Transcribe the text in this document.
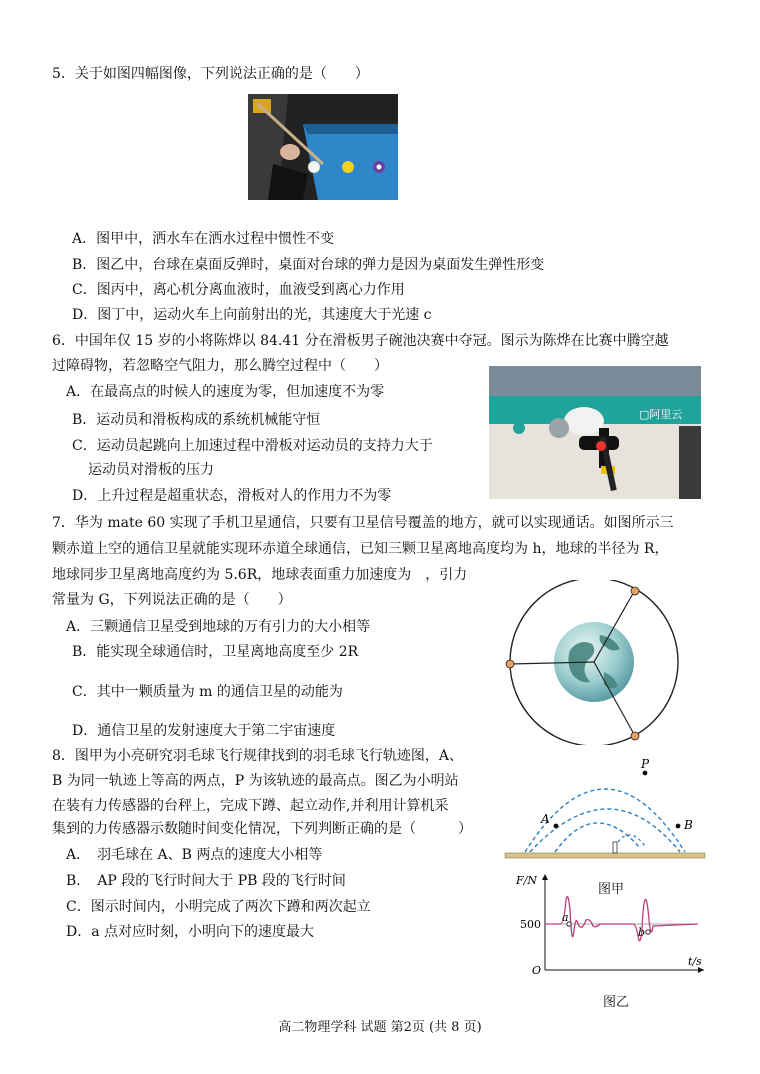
5．关于如图四幅图像，下列说法正确的是（　　）
A．图甲中，洒水车在洒水过程中惯性不变
B．图乙中，台球在桌面反弹时，桌面对台球的弹力是因为桌面发生弹性形变
C．图丙中，离心机分离血液时，血液受到离心力作用
D．图丁中，运动火车上向前射出的光，其速度大于光速 c
6．中国年仅 15 岁的小将陈烨以 84.41 分在滑板男子碗池决赛中夺冠。图示为陈烨在比赛中腾空越
过障碍物，若忽略空气阻力，那么腾空过程中（　　）
▢阿里云
A．在最高点的时候人的速度为零，但加速度不为零
B．运动员和滑板构成的系统机械能守恒
C．运动员起跳向上加速过程中滑板对运动员的支持力大于
运动员对滑板的压力
D．上升过程是超重状态，滑板对人的作用力不为零
7．华为 mate 60 实现了手机卫星通信，只要有卫星信号覆盖的地方，就可以实现通话。如图所示三
颗赤道上空的通信卫星就能实现环赤道全球通信，已知三颗卫星离地高度均为 h，地球的半径为 R，
地球同步卫星离地高度约为 5.6R，地球表面重力加速度为　，引力
常量为 G，下列说法正确的是（　　）
A．三颗通信卫星受到地球的万有引力的大小相等
B．能实现全球通信时，卫星离地高度至少 2R
C．其中一颗质量为 m 的通信卫星的动能为
D．通信卫星的发射速度大于第二宇宙速度
8．图甲为小亮研究羽毛球飞行规律找到的羽毛球飞行轨迹图，A、
B 为同一轨迹上等高的两点，P 为该轨迹的最高点。图乙为小明站
在装有力传感器的台秤上，完成下蹲、起立动作,并利用计算机采
集到的力传感器示数随时间变化情况，下列判断正确的是（　　　）
A．　羽毛球在 A、B 两点的速度大小相等
B．　AP 段的飞行时间大于 PB 段的飞行时间
C．图示时间内，小明完成了两次下蹲和两次起立
D．a 点对应时刻，小明向下的速度最大
A
P
B
图甲
F/N
t/s
O
500
a
b
图乙
高二物理学科 试题 第2页 (共 8 页)
